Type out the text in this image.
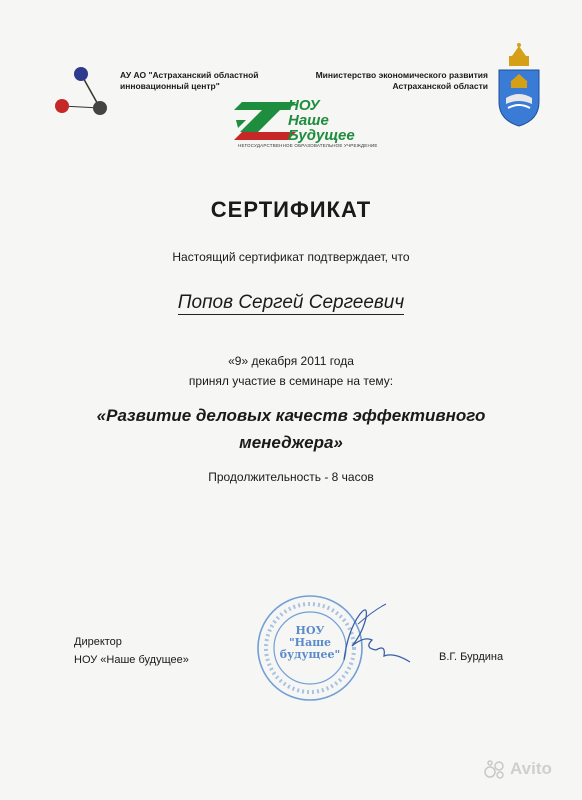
АУ АО "Астраханский областной
инновационный центр"
Министерство экономического развития
Астраханской области
НОУ
Наше
Будущее
НЕГОСУДАРСТВЕННОЕ ОБРАЗОВАТЕЛЬНОЕ УЧРЕЖДЕНИЕ
СЕРТИФИКАТ
Настоящий сертификат подтверждает, что
Попов Сергей Сергеевич
«9» декабря 2011 года
принял участие в семинаре на тему:
«Развитие деловых качеств эффективного менеджера»
Продолжительность - 8 часов
Директор
НОУ «Наше будущее»
НОУ
"Наше
будущее"	В.Г. Бурдина
Avito
